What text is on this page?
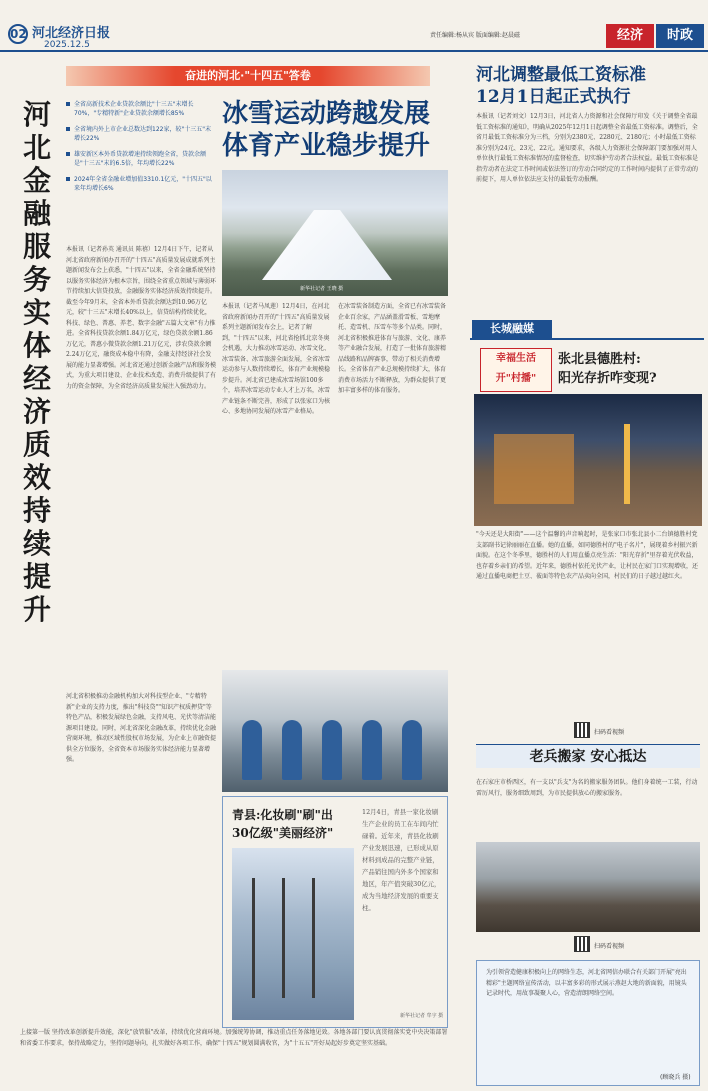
02 河北经济日报
2025.12.5
责任编辑:杨从宾 版面编辑:赵晨磁	经济	时政
奋进的河北·"十四五"答卷
河
北
金
融
服
务
实
体
经
济
质
效
持
续
提
升
全省高新技术企业贷款余额比"十三五"末增长70%，"专精特新"企业贷款余额增长85%
全省境内外上市企业总数达到122家，较"十三五"末增长22%
雄安新区本外币贷款增速持续领跑全省，贷款余额是"十三五"末的6.5倍，年均增长22%
2024年全省金融业增加值3310.1亿元，"十四五"以来年均增长6%
冰雪运动跨越发展
体育产业稳步提升
新华社记者 王晓 摄
本报讯（记者孙英 通讯员 陈禧）12月4日下午，记者从河北省政府新闻办召开的"十四五"高质量发展成就系列主题新闻发布会上获悉，"十四五"以来，全省金融系统坚持以服务实体经济为根本宗旨，围绕全省重点领域与薄弱环节持续加大信贷投放，金融服务实体经济质效持续提升。截至今年9月末，全省本外币贷款余额达到10.96万亿元，较"十三五"末增长40%以上，信贷结构持续优化，科技、绿色、普惠、养老、数字金融"五篇大文章"有力推进。全省科技贷款余额1.84万亿元，绿色贷款余额1.86万亿元，普惠小微贷款余额1.21万亿元，涉农贷款余额2.24万亿元，融资成本稳中有降，金融支持经济社会发展的能力显著增强。河北省还通过创新金融产品和服务模式，为重大项目建设、企业技术改造、消费升级提供了有力的资金保障，为全省经济高质量发展注入强劲动力。
本报讯（记者马凤莲）12月4日，在河北省政府新闻办召开的"十四五"高质量发展系列主题新闻发布会上，记者了解到，"十四五"以来，河北省抢抓北京冬奥会机遇，大力推动冰雪运动、冰雪文化、冰雪装备、冰雪旅游全面发展，全省冰雪运动参与人数持续增长，体育产业规模稳步提升。河北省已建成冰雪场馆100多个，培养冰雪运动专业人才上万名，冰雪产业链条不断完善，形成了以张家口为核心、多地协同发展的冰雪产业格局。
在冰雪装备制造方面，全省已有冰雪装备企业百余家，产品涵盖滑雪板、雪地摩托、造雪机、压雪车等多个品类。同时，河北省积极推进体育与旅游、文化、康养等产业融合发展，打造了一批体育旅游精品线路和品牌赛事，带动了相关消费增长。全省体育产业总规模持续扩大，体育消费市场活力不断释放，为群众提供了更加丰富多样的体育服务。
河北省积极推动金融机构加大对科技型企业、"专精特新"企业的支持力度，推出"科技贷""知识产权质押贷"等特色产品，积极发展绿色金融，支持风电、光伏等清洁能源项目建设。同时，河北省深化金融改革，持续优化金融营商环境，推动区域性股权市场发展，为企业上市融资提供全方位服务，全省资本市场服务实体经济能力显著增强。
上接第一版 坚持改革创新提升效能，深化"放管服"改革，持续优化营商环境。加强统筹协调，推动重点任务落地见效。各地各部门要认真贯彻落实党中央决策部署和省委工作要求，保持战略定力，坚持问题导向，扎实做好各项工作，确保"十四五"规划圆满收官，为"十五五"开好局起好步奠定坚实基础。
河北调整最低工资标准
12月1日起正式执行
本报讯（记者刘文）12月3日，河北省人力资源和社会保障厅印发《关于调整全省最低工资标准的通知》，明确从2025年12月1日起调整全省最低工资标准。调整后，全省月最低工资标准分为三档，分别为2380元、2280元、2180元；小时最低工资标准分别为24元、23元、22元。通知要求，各级人力资源社会保障部门要加强对用人单位执行最低工资标准情况的监督检查，切实维护劳动者合法权益。最低工资标准是指劳动者在法定工作时间或依法签订的劳动合同约定的工作时间内提供了正常劳动的前提下，用人单位依法应支付的最低劳动报酬。
长城融媒
幸福生活
开"村播"
张北县德胜村:
阳光存折咋变现?
"今天还是大阳街"——这个温馨的声音响起时，是张家口市张北县小二台镇德胜村党支部副书记徐丽丽在直播。她的直播，如同德胜村的"电子名片"，展现着乡村振兴新面貌。在这个冬季里，德胜村的人们用直播点亮生活："阳光存折"里存着光伏收益，也存着乡亲们的希望。近年来，德胜村依托光伏产业，让村民在家门口实现增收，还通过直播电商把土豆、莜面等特色农产品卖向全国，村民们的日子越过越红火。
扫码看视频
老兵搬家 安心抵达
在石家庄市桥西区，有一支以"兵支"为名的搬家服务团队。他们身着统一工装，行动雷厉风行，服务细致周到，为市民提供放心的搬家服务。
扫码看视频
为引领营造健康积极向上的网络生态，河北省网信办联合有关部门开展"亮出精彩"主题网络宣传活动，以丰富多彩的形式展示燕赵大地的新面貌，用镜头记录时代，用故事凝聚人心，营造清朗网络空间。
(顾晓兵 摄)
青县:化妆刷"刷"出
30亿级"美丽经济"
12月4日，青县一家化妆刷生产企业的员工在车间内忙碌着。近年来，青县化妆刷产业发展迅速，已形成从原材料到成品的完整产业链，产品销往国内外多个国家和地区，年产值突破30亿元，成为当地经济发展的重要支柱。
新华社记者 牟宇 摄
